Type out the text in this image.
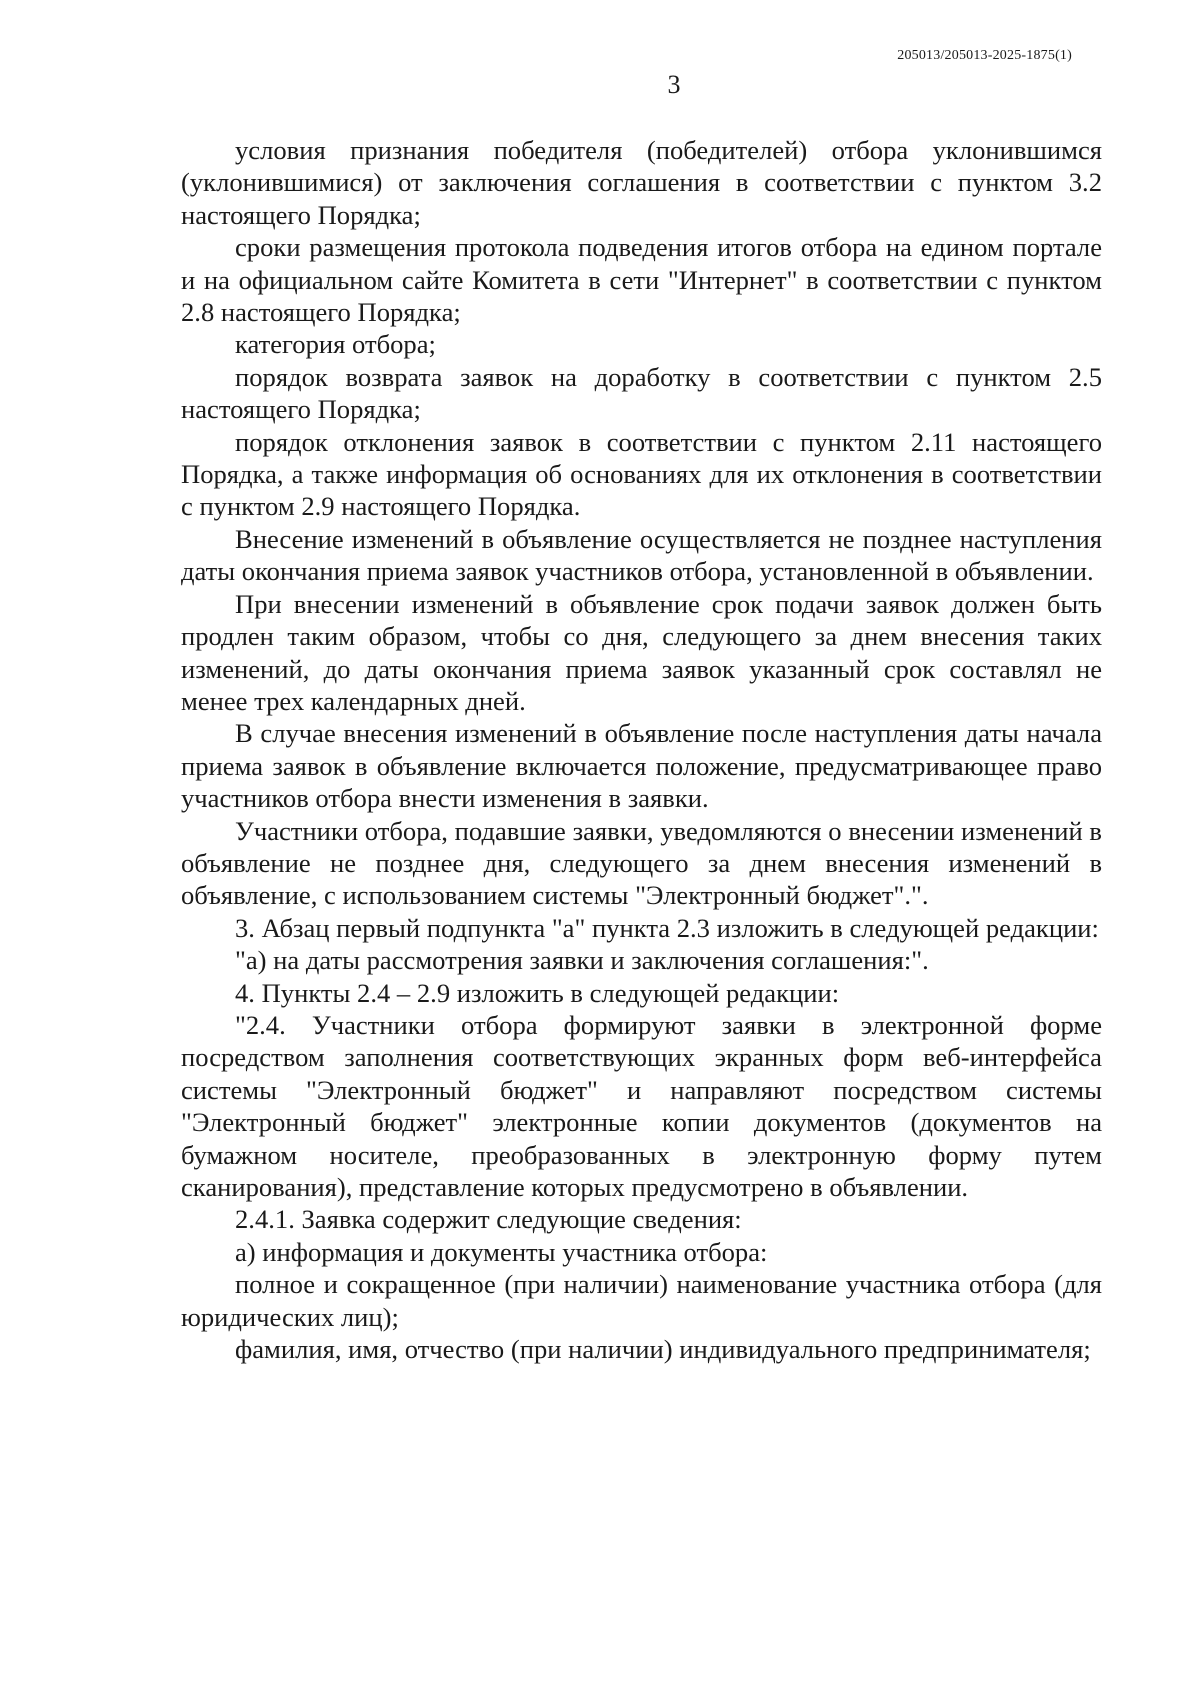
205013/205013-2025-1875(1)
3

условия признания победителя (победителей) отбора уклонившимся (уклонившимися) от заключения соглашения в соответствии с пунктом 3.2 настоящего Порядка;

сроки размещения протокола подведения итогов отбора на едином портале и на официальном сайте Комитета в сети "Интернет" в соответствии с пунктом 2.8 настоящего Порядка;

категория отбора;

порядок возврата заявок на доработку в соответствии с пунктом 2.5 настоящего Порядка;

порядок отклонения заявок в соответствии с пунктом 2.11 настоящего Порядка, а также информация об основаниях для их отклонения в соответствии с пунктом 2.9 настоящего Порядка.

Внесение изменений в объявление осуществляется не позднее наступления даты окончания приема заявок участников отбора, установленной в объявлении.

При внесении изменений в объявление срок подачи заявок должен быть продлен таким образом, чтобы со дня, следующего за днем внесения таких изменений, до даты окончания приема заявок указанный срок составлял не менее трех календарных дней.

В случае внесения изменений в объявление после наступления даты начала приема заявок в объявление включается положение, предусматривающее право участников отбора внести изменения в заявки.

Участники отбора, подавшие заявки, уведомляются о внесении изменений в объявление не позднее дня, следующего за днем внесения изменений в объявление, с использованием системы "Электронный бюджет".".

3. Абзац первый подпункта "а" пункта 2.3 изложить в следующей редакции:

"а) на даты рассмотрения заявки и заключения соглашения:".

4. Пункты 2.4 – 2.9 изложить в следующей редакции:

"2.4. Участники отбора формируют заявки в электронной форме посредством заполнения соответствующих экранных форм веб-интерфейса системы "Электронный бюджет" и направляют посредством системы "Электронный бюджет" электронные копии документов (документов на бумажном носителе, преобразованных в электронную форму путем сканирования), представление которых предусмотрено в объявлении.

2.4.1. Заявка содержит следующие сведения:

а) информация и документы участника отбора:

полное и сокращенное (при наличии) наименование участника отбора (для юридических лиц);

фамилия, имя, отчество (при наличии) индивидуального предпринимателя;
